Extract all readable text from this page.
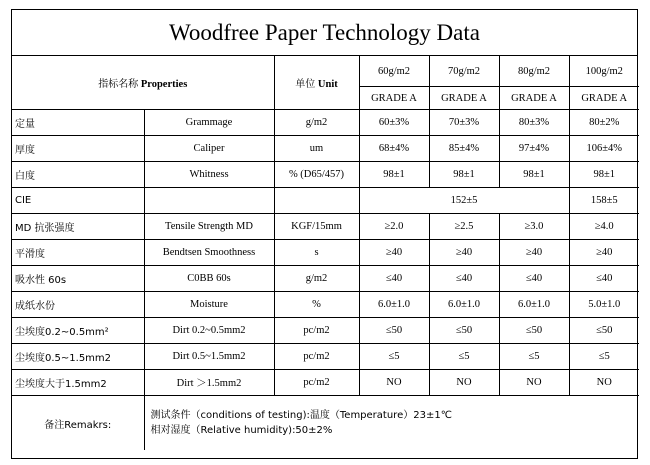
Woodfree Paper Technology Data
指标名称 Properties		单位 Unit	60g/m2	70g/m2	80g/m2	100g/m2
			GRADE A	GRADE A	GRADE A	GRADE A
定量	Grammage	g/m2	60±3%	70±3%	80±3%	80±2%
厚度	Caliper	um	68±4%	85±4%	97±4%	106±4%
白度	Whitness	% (D65/457)	98±1	98±1	98±1	98±1
CIE			152±5			158±5
MD 抗张强度	Tensile Strength MD	KGF/15mm	≥2.0	≥2.5	≥3.0	≥4.0
平滑度	Bendtsen Smoothness	s	≥40	≥40	≥40	≥40
吸水性 60s	C0BB 60s	g/m2	≤40	≤40	≤40	≤40
成纸水份	Moisture	%	6.0±1.0	6.0±1.0	6.0±1.0	5.0±1.0
尘埃度0.2~0.5mm²	Dirt 0.2~0.5mm2	pc/m2	≤50	≤50	≤50	≤50
尘埃度0.5~1.5mm2	Dirt 0.5~1.5mm2	pc/m2	≤5	≤5	≤5	≤5
尘埃度大于1.5mm2	Dirt ＞1.5mm2	pc/m2	NO	NO	NO	NO
备注Remakrs:	测试条件（conditions of testing):温度（Temperature）23±1℃
相对湿度（Relative humidity):50±2%					
